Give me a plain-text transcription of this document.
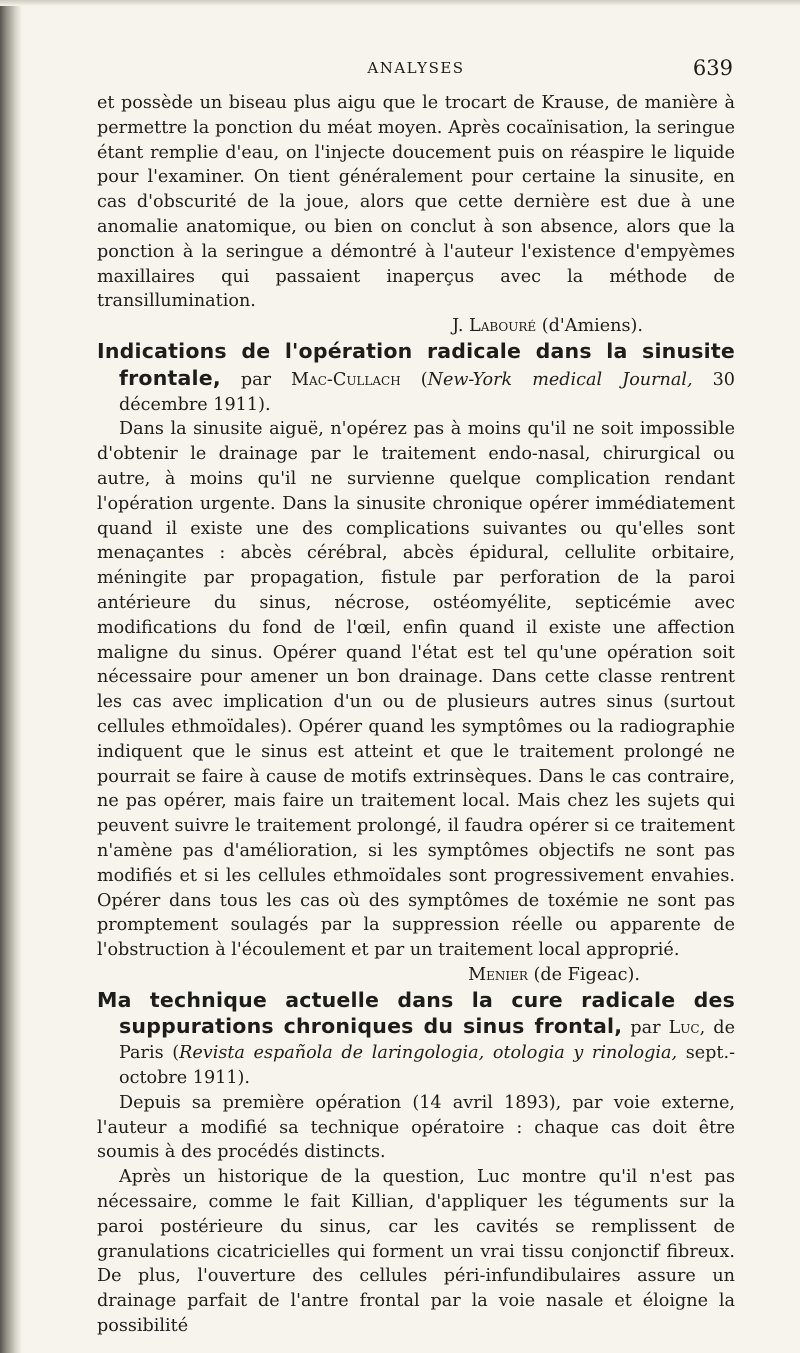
ANALYSES	639

et possède un biseau plus aigu que le trocart de Krause, de manière à permettre la ponction du méat moyen. Après cocaïnisation, la seringue étant remplie d'eau, on l'injecte doucement puis on réaspire le liquide pour l'examiner. On tient généralement pour certaine la sinusite, en cas d'obscurité de la joue, alors que cette dernière est due à une anomalie anatomique, ou bien on conclut à son absence, alors que la ponction à la seringue a démontré à l'auteur l'existence d'empyèmes maxillaires qui passaient inaperçus avec la méthode de transillumination.

J. Labouré (d'Amiens).

Indications de l'opération radicale dans la sinusite frontale, par Mac-Cullach (New-York medical Journal, 30 décembre 1911).

Dans la sinusite aiguë, n'opérez pas à moins qu'il ne soit impossible d'obtenir le drainage par le traitement endo-nasal, chirurgical ou autre, à moins qu'il ne survienne quelque complication rendant l'opération urgente. Dans la sinusite chronique opérer immédiatement quand il existe une des complications suivantes ou qu'elles sont menaçantes : abcès cérébral, abcès épidural, cellulite orbitaire, méningite par propagation, fistule par perforation de la paroi antérieure du sinus, nécrose, ostéomyélite, septicémie avec modifications du fond de l'œil, enfin quand il existe une affection maligne du sinus. Opérer quand l'état est tel qu'une opération soit nécessaire pour amener un bon drainage. Dans cette classe rentrent les cas avec implication d'un ou de plusieurs autres sinus (surtout cellules ethmoïdales). Opérer quand les symptômes ou la radiographie indiquent que le sinus est atteint et que le traitement prolongé ne pourrait se faire à cause de motifs extrinsèques. Dans le cas contraire, ne pas opérer, mais faire un traitement local. Mais chez les sujets qui peuvent suivre le traitement prolongé, il faudra opérer si ce traitement n'amène pas d'amélioration, si les symptômes objectifs ne sont pas modifiés et si les cellules ethmoïdales sont progressivement envahies. Opérer dans tous les cas où des symptômes de toxémie ne sont pas promptement soulagés par la suppression réelle ou apparente de l'obstruction à l'écoulement et par un traitement local approprié.

Menier (de Figeac).

Ma technique actuelle dans la cure radicale des suppurations chroniques du sinus frontal, par Luc, de Paris (Revista española de laringologia, otologia y rinologia, sept.-octobre 1911).

Depuis sa première opération (14 avril 1893), par voie externe, l'auteur a modifié sa technique opératoire : chaque cas doit être soumis à des procédés distincts.

Après un historique de la question, Luc montre qu'il n'est pas nécessaire, comme le fait Killian, d'appliquer les téguments sur la paroi postérieure du sinus, car les cavités se remplissent de granulations cicatricielles qui forment un vrai tissu conjonctif fibreux. De plus, l'ouverture des cellules péri-infundibulaires assure un drainage parfait de l'antre frontal par la voie nasale et éloigne la possibilité
